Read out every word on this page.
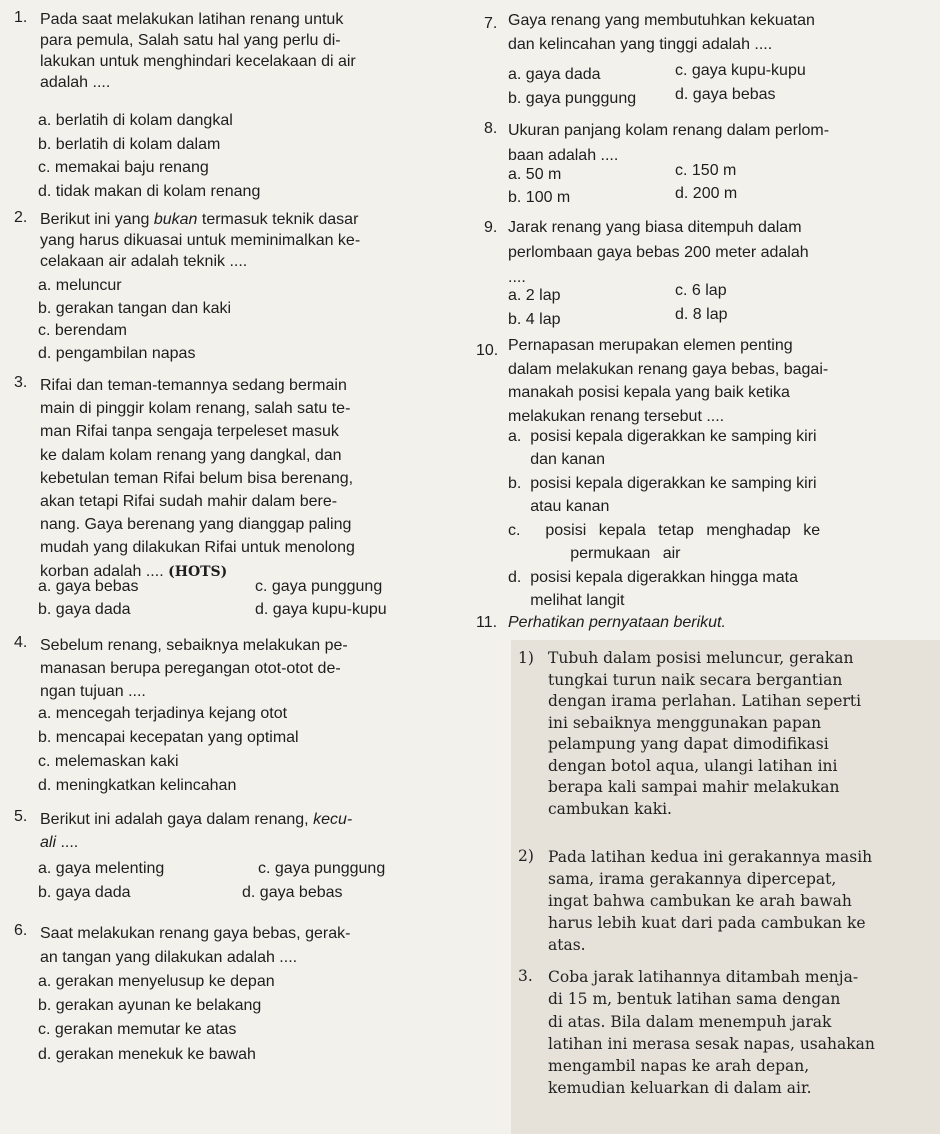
1. Pada saat melakukan latihan renang untuk
para pemula, Salah satu hal yang perlu di-
lakukan untuk menghindari kecelakaan di air
adalah ....
a. berlatih di kolam dangkal
b. berlatih di kolam dalam
c. memakai baju renang
d. tidak makan di kolam renang
2. Berikut ini yang bukan termasuk teknik dasar
yang harus dikuasai untuk meminimalkan ke-
celakaan air adalah teknik ....
a. meluncur
b. gerakan tangan dan kaki
c. berendam
d. pengambilan napas
3. Rifai dan teman-temannya sedang bermain
main di pinggir kolam renang, salah satu te-
man Rifai tanpa sengaja terpeleset masuk
ke dalam kolam renang yang dangkal, dan
kebetulan teman Rifai belum bisa berenang,
akan tetapi Rifai sudah mahir dalam bere-
nang. Gaya berenang yang dianggap paling
mudah yang dilakukan Rifai untuk menolong
korban adalah .... (HOTS)
a. gaya bebas	c. gaya punggung
b. gaya dada	d. gaya kupu-kupu
4. Sebelum renang, sebaiknya melakukan pe-
manasan berupa peregangan otot-otot de-
ngan tujuan ....
a. mencegah terjadinya kejang otot
b. mencapai kecepatan yang optimal
c. melemaskan kaki
d. meningkatkan kelincahan
5. Berikut ini adalah gaya dalam renang, kecu-
ali ....
a. gaya melenting	c. gaya punggung
b. gaya dada	d. gaya bebas
6. Saat melakukan renang gaya bebas, gerak-
an tangan yang dilakukan adalah ....
a. gerakan menyelusup ke depan
b. gerakan ayunan ke belakang
c. gerakan memutar ke atas
d. gerakan menekuk ke bawah
7. Gaya renang yang membutuhkan kekuatan
dan kelincahan yang tinggi adalah ....
a. gaya dada	c. gaya kupu-kupu
b. gaya punggung d. gaya bebas
8. Ukuran panjang kolam renang dalam perlom-
baan adalah ....
a. 50 m	c. 150 m
b. 100 m	d. 200 m
9. Jarak renang yang biasa ditempuh dalam
perlombaan gaya bebas 200 meter adalah
....
a. 2 lap	c. 6 lap
b. 4 lap	d. 8 lap
10. Pernapasan merupakan elemen penting
dalam melakukan renang gaya bebas, bagai-
manakah posisi kepala yang baik ketika
melakukan renang tersebut ....
a.  posisi kepala digerakkan ke samping kiri
dan kanan
b.  posisi kepala digerakkan ke samping kiri
atau kanan
c.  posisi kepala tetap menghadap ke
permukaan air
d.  posisi kepala digerakkan hingga mata
melihat langit
11. Perhatikan pernyataan berikut.
1) Tubuh dalam posisi meluncur, gerakan
tungkai turun naik secara bergantian
dengan irama perlahan. Latihan seperti
ini sebaiknya menggunakan papan
pelampung yang dapat dimodifikasi
dengan botol aqua, ulangi latihan ini
berapa kali sampai mahir melakukan
cambukan kaki.
2) Pada latihan kedua ini gerakannya masih
sama, irama gerakannya dipercepat,
ingat bahwa cambukan ke arah bawah
harus lebih kuat dari pada cambukan ke
atas.
3. Coba jarak latihannya ditambah menja-
di 15 m, bentuk latihan sama dengan
di atas. Bila dalam menempuh jarak
latihan ini merasa sesak napas, usahakan
mengambil napas ke arah depan,
kemudian keluarkan di dalam air.
